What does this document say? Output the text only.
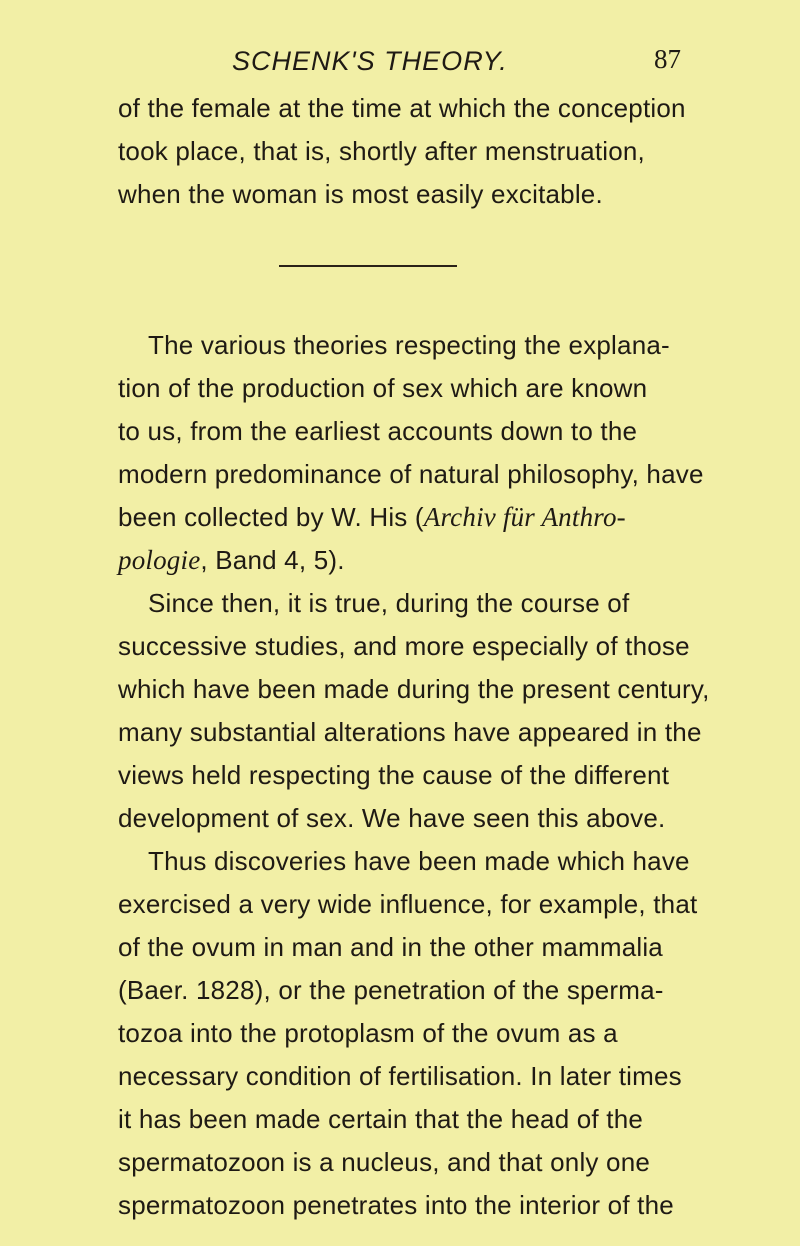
SCHENK'S THEORY.	87
of the female at the time at which the conception
took place, that is, shortly after menstruation,
when the woman is most easily excitable.
The various theories respecting the explana-
tion of the production of sex which are known
to us, from the earliest accounts down to the
modern predominance of natural philosophy, have
been collected by W. His (Archiv für Anthro-
pologie, Band 4, 5).
Since then, it is true, during the course of
successive studies, and more especially of those
which have been made during the present century,
many substantial alterations have appeared in the
views held respecting the cause of the different
development of sex. We have seen this above.
Thus discoveries have been made which have
exercised a very wide influence, for example, that
of the ovum in man and in the other mammalia
(Baer. 1828), or the penetration of the sperma-
tozoa into the protoplasm of the ovum as a
necessary condition of fertilisation. In later times
it has been made certain that the head of the
spermatozoon is a nucleus, and that only one
spermatozoon penetrates into the interior of the
